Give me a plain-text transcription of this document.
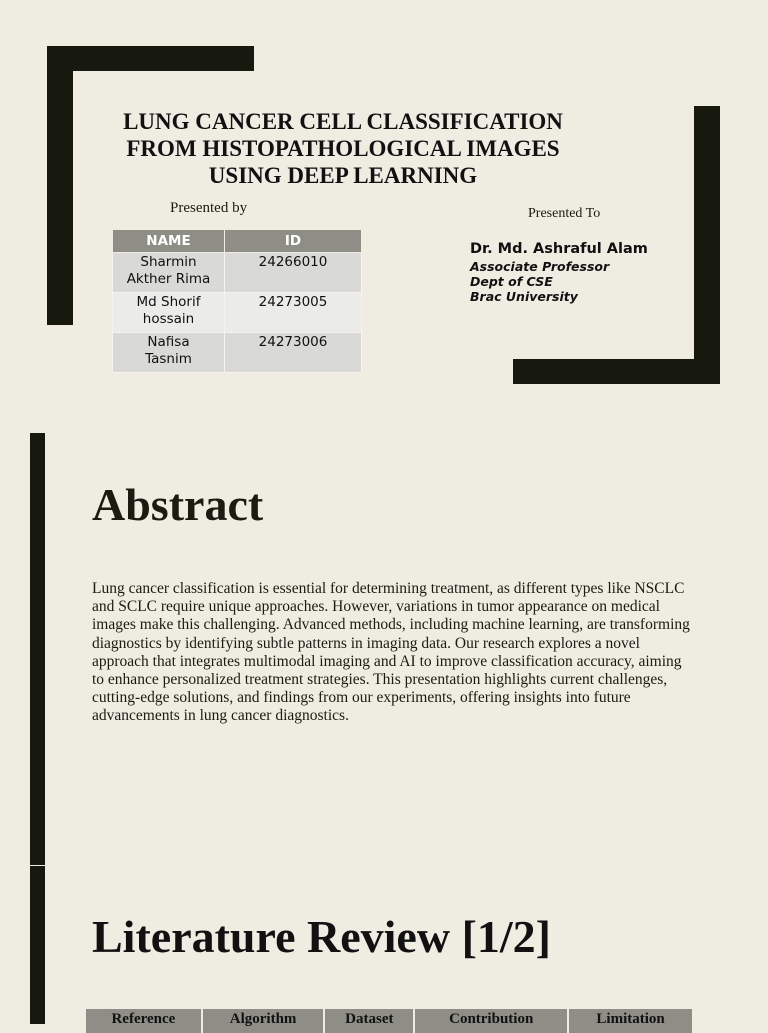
LUNG CANCER CELL CLASSIFICATION
FROM HISTOPATHOLOGICAL IMAGES
USING DEEP LEARNING
Presented by	Presented To
NAME	ID
Sharmin
Akther Rima	24266010
Md Shorif
hossain	24273005
Nafisa
Tasnim	24273006
Dr. Md. Ashraful Alam
Associate Professor
Dept of CSE
Brac University
Abstract

Lung cancer classification is essential for determining treatment, as different types like NSCLC and SCLC require unique approaches. However, variations in tumor appearance on medical images make this challenging. Advanced methods, including machine learning, are transforming diagnostics by identifying subtle patterns in imaging data. Our research explores a novel approach that integrates multimodal imaging and AI to improve classification accuracy, aiming to enhance personalized treatment strategies. This presentation highlights current challenges, cutting-edge solutions, and findings from our experiments, offering insights into future advancements in lung cancer diagnostics.

Literature Review [1/2]
Reference	Algorithm	Dataset	Contribution	Limitation
